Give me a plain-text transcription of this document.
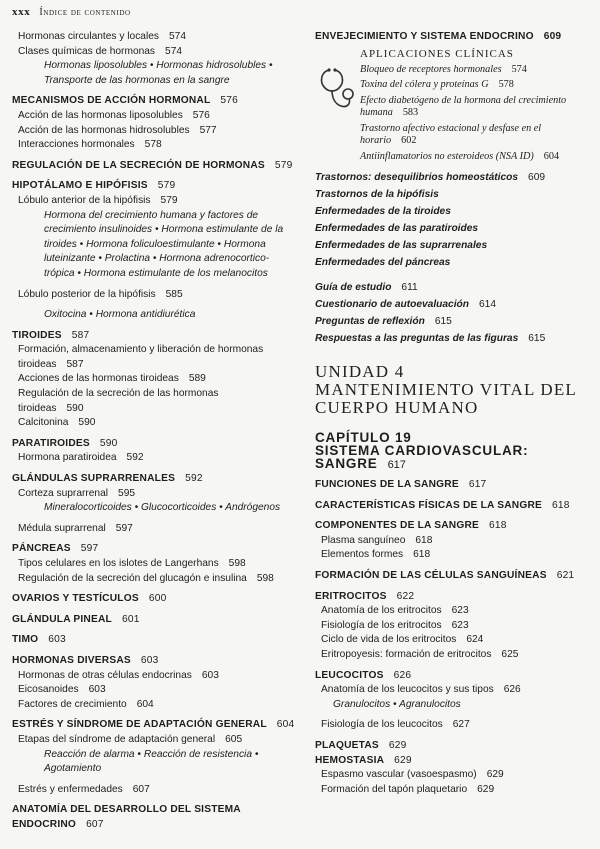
xxx Índice de contenido
Hormonas circulantes y locales 574
Clases químicas de hormonas 574
Hormonas liposolubles • Hormonas hidrosolubles •
Transporte de las hormonas en la sangre
MECANISMOS DE ACCIÓN HORMONAL 576
Acción de las hormonas liposolubles 576
Acción de las hormonas hidrosolubles 577
Interacciones hormonales 578
REGULACIÓN DE LA SECRECIÓN DE HORMONAS 579
HIPOTÁLAMO E HIPÓFISIS 579
Lóbulo anterior de la hipófisis 579
Hormona del crecimiento humana y factores de
crecimiento insulinoides • Hormona estimulante de la
tiroides • Hormona foliculoestimulante • Hormona
luteinizante • Prolactina • Hormona adrenocortico-
trópica • Hormona estimulante de los melanocitos
Lóbulo posterior de la hipófisis 585
Oxitocina • Hormona antidiurética
TIROIDES 587
Formación, almacenamiento y liberación de hormonas
tiroideas 587
Acciones de las hormonas tiroideas 589
Regulación de la secreción de las hormonas
tiroideas 590
Calcitonina 590
PARATIROIDES 590
Hormona paratiroidea 592
GLÁNDULAS SUPRARRENALES 592
Corteza suprarrenal 595
Mineralocorticoides • Glucocorticoides • Andrógenos
Médula suprarrenal 597
PÁNCREAS 597
Tipos celulares en los islotes de Langerhans 598
Regulación de la secreción del glucagón e insulina 598
OVARIOS Y TESTÍCULOS 600
GLÁNDULA PINEAL 601
TIMO 603
HORMONAS DIVERSAS 603
Hormonas de otras células endocrinas 603
Eicosanoides 603
Factores de crecimiento 604
ESTRÉS Y SÍNDROME DE ADAPTACIÓN GENERAL 604
Etapas del síndrome de adaptación general 605
Reacción de alarma • Reacción de resistencia •
Agotamiento
Estrés y enfermedades 607
ANATOMÍA DEL DESARROLLO DEL SISTEMA
ENDOCRINO 607
ENVEJECIMIENTO Y SISTEMA ENDOCRINO 609
APLICACIONES CLÍNICAS
Bloqueo de receptores hormonales 574
Toxina del cólera y proteínas G 578
Efecto diabetógeno de la hormona del crecimiento humana 583
Trastorno afectivo estacional y desfase en el horario 602
Antiinflamatorios no esteroideos (NSA ID) 604
Trastornos: desequilibrios homeostáticos 609
Trastornos de la hipófisis
Enfermedades de la tiroides
Enfermedades de las paratiroides
Enfermedades de las suprarrenales
Enfermedades del páncreas
Guía de estudio 611
Cuestionario de autoevaluación 614
Preguntas de reflexión 615
Respuestas a las preguntas de las figuras 615
UNIDAD 4
MANTENIMIENTO VITAL DEL
CUERPO HUMANO
CAPÍTULO 19
SISTEMA CARDIOVASCULAR:
SANGRE 617
FUNCIONES DE LA SANGRE 617
CARACTERÍSTICAS FÍSICAS DE LA SANGRE 618
COMPONENTES DE LA SANGRE 618
Plasma sanguíneo 618
Elementos formes 618
FORMACIÓN DE LAS CÉLULAS SANGUÍNEAS 621
ERITROCITOS 622
Anatomía de los eritrocitos 623
Fisiología de los eritrocitos 623
Ciclo de vida de los eritrocitos 624
Eritropoyesis: formación de eritrocitos 625
LEUCOCITOS 626
Anatomía de los leucocitos y sus tipos 626
Granulocitos • Agranulocitos
Fisiología de los leucocitos 627
PLAQUETAS 629
HEMOSTASIA 629
Espasmo vascular (vasoespasmo) 629
Formación del tapón plaquetario 629
